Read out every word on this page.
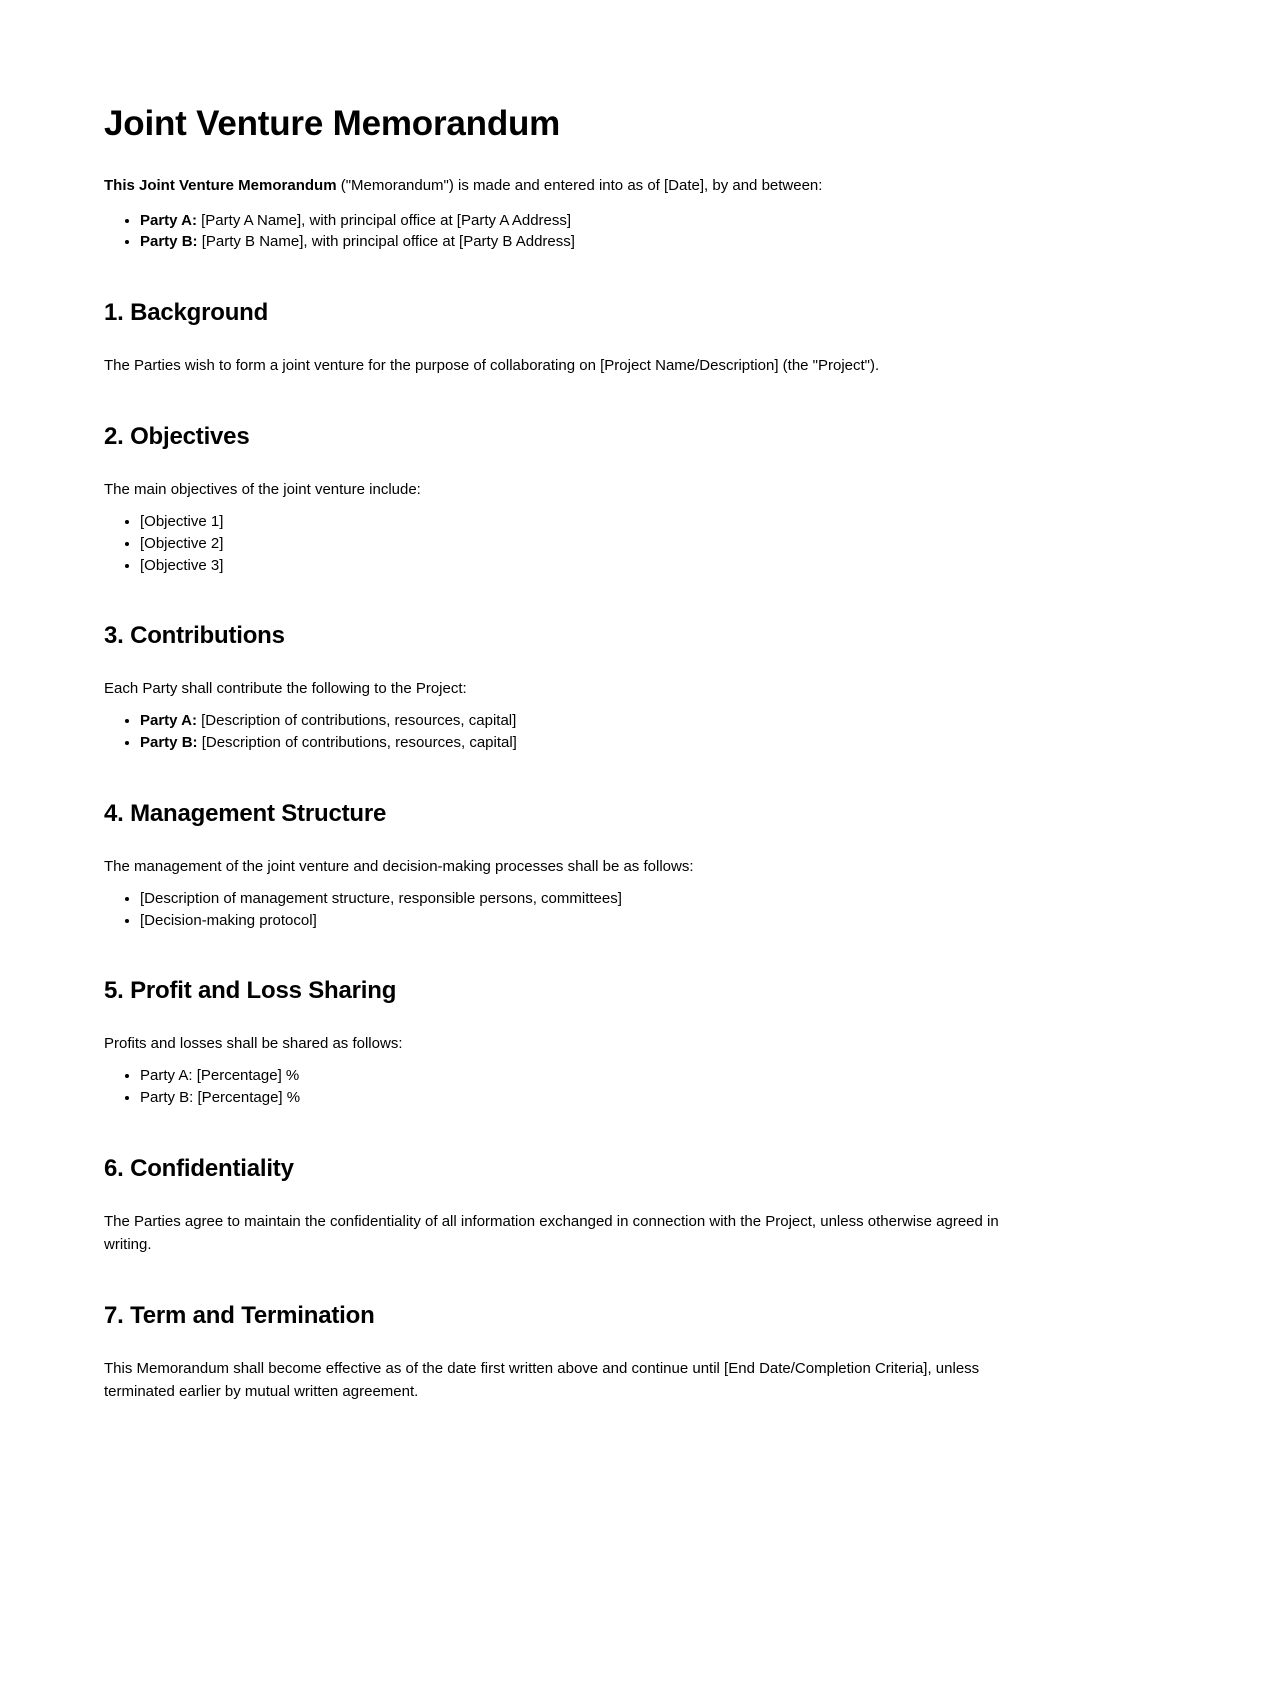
Joint Venture Memorandum

This Joint Venture Memorandum ("Memorandum") is made and entered into as of [Date], by and between:

• Party A: [Party A Name], with principal office at [Party A Address]
• Party B: [Party B Name], with principal office at [Party B Address]
1. Background

The Parties wish to form a joint venture for the purpose of collaborating on [Project Name/Description] (the "Project").

2. Objectives

The main objectives of the joint venture include:

• [Objective 1]
• [Objective 2]
• [Objective 3]
3. Contributions

Each Party shall contribute the following to the Project:

• Party A: [Description of contributions, resources, capital]
• Party B: [Description of contributions, resources, capital]
4. Management Structure

The management of the joint venture and decision-making processes shall be as follows:

• [Description of management structure, responsible persons, committees]
• [Decision-making protocol]
5. Profit and Loss Sharing

Profits and losses shall be shared as follows:

• Party A: [Percentage] %
• Party B: [Percentage] %
6. Confidentiality

The Parties agree to maintain the confidentiality of all information exchanged in connection with the Project, unless otherwise agreed in writing.

7. Term and Termination

This Memorandum shall become effective as of the date first written above and continue until [End Date/Completion Criteria], unless terminated earlier by mutual written agreement.
